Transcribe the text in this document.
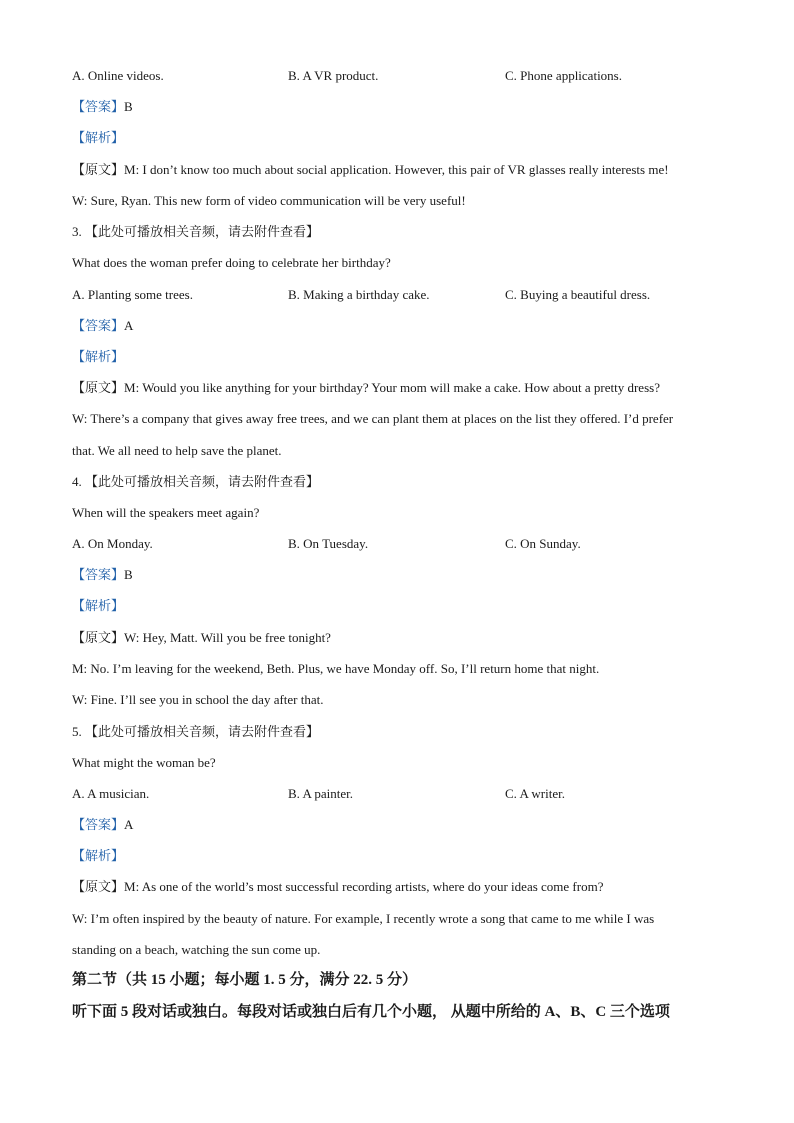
A. Online videos.	B. A VR product.	C. Phone applications.
【答案】B
【解析】
【原文】M: I don’t know too much about social application. However, this pair of VR glasses really interests me!
W: Sure, Ryan. This new form of video communication will be very useful!
3. 【此处可播放相关音频，请去附件查看】
What does the woman prefer doing to celebrate her birthday?
A. Planting some trees.	B. Making a birthday cake.	C. Buying a beautiful dress.
【答案】A
【解析】
【原文】M: Would you like anything for your birthday? Your mom will make a cake. How about a pretty dress?
W: There’s a company that gives away free trees, and we can plant them at places on the list they offered. I’d prefer
that. We all need to help save the planet.
4. 【此处可播放相关音频，请去附件查看】
When will the speakers meet again?
A. On Monday.	B. On Tuesday.	C. On Sunday.
【答案】B
【解析】
【原文】W: Hey, Matt. Will you be free tonight?
M: No. I’m leaving for the weekend, Beth. Plus, we have Monday off. So, I’ll return home that night.
W: Fine. I’ll see you in school the day after that.
5. 【此处可播放相关音频，请去附件查看】
What might the woman be?
A. A musician.	B. A painter.	C. A writer.
【答案】A
【解析】
【原文】M: As one of the world’s most successful recording artists, where do your ideas come from?
W: I’m often inspired by the beauty of nature. For example, I recently wrote a song that came to me while I was
standing on a beach, watching the sun come up.
第二节（共 15 小题；每小题 1. 5 分，满分 22. 5 分）
听下面 5 段对话或独白。每段对话或独白后有几个小题， 从题中所给的 A、B、C 三个选项
